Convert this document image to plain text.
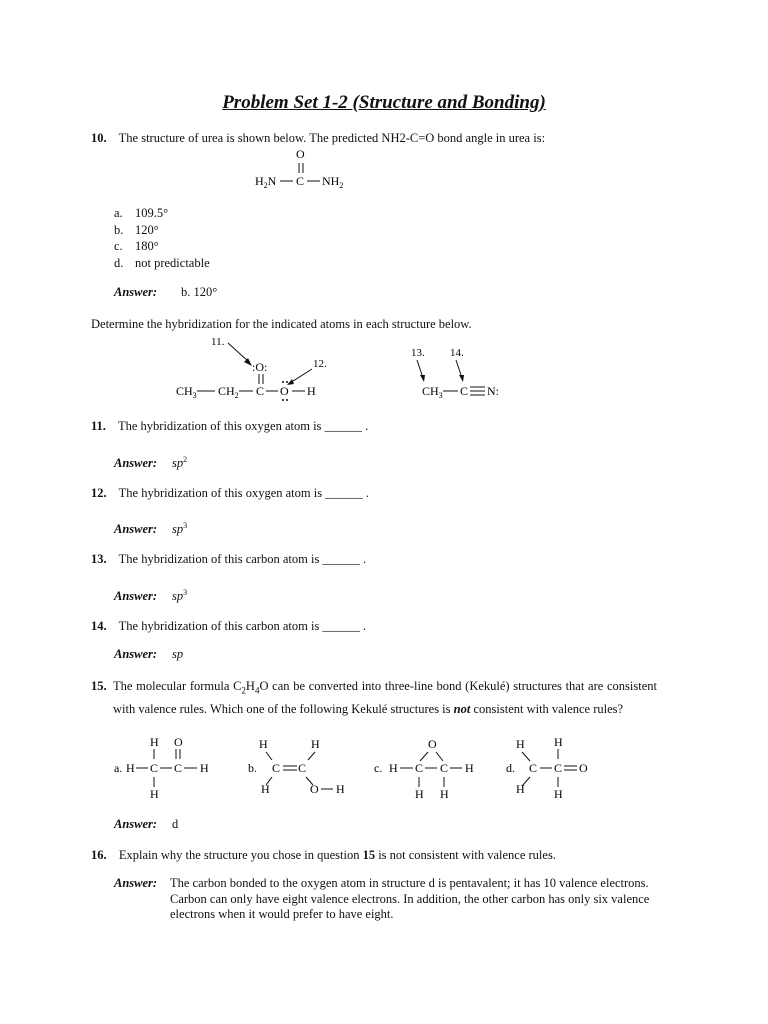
Problem Set 1-2 (Structure and Bonding)
10. The structure of urea is shown below. The predicted NH2-C=O bond angle in urea is:
O
$H_2N$ C $NH_2$
a. 109.5°
b. 120°
c. 180°
d. not predictable
Answer: b. 120°
Determine the hybridization for the indicated atoms in each structure below.
11.
:O:	12.
$CH_3$ $CH_2$ C O H
13. 14.
$CH_3$ C N:
11. The hybridization of this oxygen atom is ______ .
Answer: $sp^2$
12. The hybridization of this oxygen atom is ______ .
Answer: $sp^3$
13. The hybridization of this carbon atom is ______ .
Answer: $sp^3$
14. The hybridization of this carbon atom is ______ .
Answer: sp
15. The molecular formula $C_2H_4O$ can be converted into three-line bond (Kekulé) structures that are consistent with valence rules. Which one of the following Kekulé structures is not consistent with valence rules?
a. H C C H
H O
H
b.
H	H
C C
H	O H
c. H C C H
O
H H
d.
H
C C O
H
H H
Answer: d
16. Explain why the structure you chose in question 15 is not consistent with valence rules.
Answer: The carbon bonded to the oxygen atom in structure d is pentavalent; it has 10 valence electrons. Carbon can only have eight valence electrons. In addition, the other carbon has only six valence electrons when it would prefer to have eight.
